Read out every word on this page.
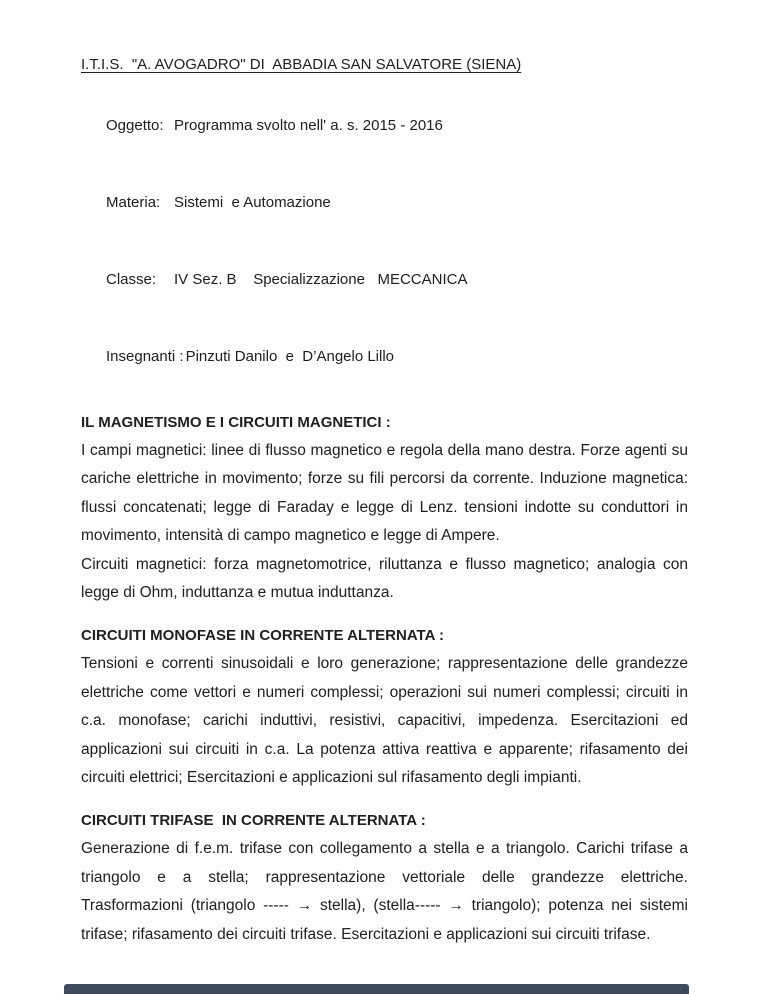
I.T.I.S.  "A. AVOGADRO" DI  ABBADIA SAN SALVATORE (SIENA)

Oggetto: Programma svolto nell' a. s. 2015 - 2016

Materia: Sistemi  e Automazione

Classe: IV Sez. B    Specializzazione   MECCANICA

Insegnanti : Pinzuti Danilo  e  D’Angelo Lillo

IL MAGNETISMO E I CIRCUITI MAGNETICI :

I campi magnetici: linee di flusso magnetico e regola della mano destra. Forze agenti su cariche elettriche in movimento; forze su fili percorsi da corrente. Induzione magnetica: flussi concatenati; legge di Faraday e legge di Lenz. tensioni indotte su conduttori in movimento, intensità di campo magnetico e legge di Ampere.

Circuiti magnetici: forza magnetomotrice, riluttanza e flusso magnetico; analogia con legge di Ohm, induttanza e mutua induttanza.

CIRCUITI MONOFASE IN CORRENTE ALTERNATA :

Tensioni e correnti sinusoidali e loro generazione; rappresentazione delle grandezze elettriche come vettori e numeri complessi; operazioni sui numeri complessi; circuiti in c.a. monofase; carichi induttivi, resistivi, capacitivi, impedenza. Esercitazioni ed applicazioni sui circuiti in c.a. La potenza attiva reattiva e apparente; rifasamento dei circuiti elettrici; Esercitazioni e applicazioni sul rifasamento degli impianti.

CIRCUITI TRIFASE  IN CORRENTE ALTERNATA :

Generazione di f.e.m. trifase con collegamento a stella e a triangolo. Carichi trifase a triangolo e a stella; rappresentazione vettoriale delle grandezze elettriche. Trasformazioni (triangolo ----- → stella), (stella----- → triangolo); potenza nei sistemi trifase; rifasamento dei circuiti trifase. Esercitazioni e applicazioni sui circuiti trifase.
